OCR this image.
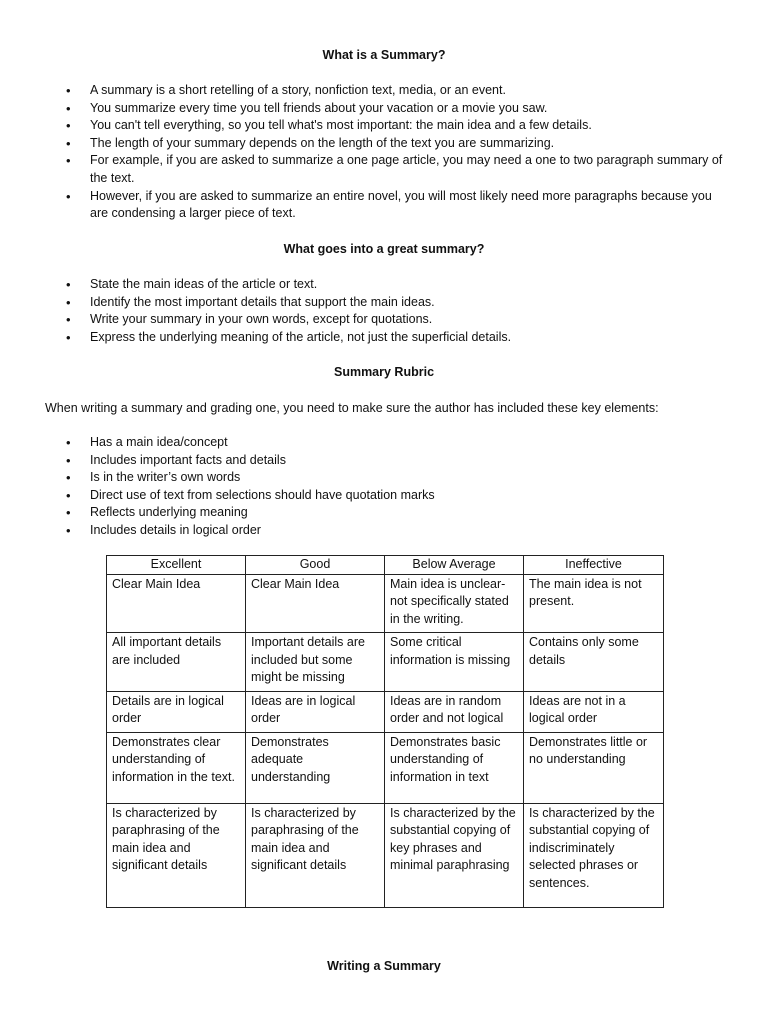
What is a Summary?
• A summary is a short retelling of a story, nonfiction text, media, or an event.
• You summarize every time you tell friends about your vacation or a movie you saw.
• You can't tell everything, so you tell what's most important: the main idea and a few details.
• The length of your summary depends on the length of the text you are summarizing.
• For example, if you are asked to summarize a one page article, you may need a one to two paragraph summary of the text.
• However, if you are asked to summarize an entire novel, you will most likely need more paragraphs because you are condensing a larger piece of text.
What goes into a great summary?
• State the main ideas of the article or text.
• Identify the most important details that support the main ideas.
• Write your summary in your own words, except for quotations.
• Express the underlying meaning of the article, not just the superficial details.
Summary Rubric
When writing a summary and grading one, you need to make sure the author has included these key elements:
• Has a main idea/concept
• Includes important facts and details
• Is in the writer’s own words
• Direct use of text from selections should have quotation marks
• Reflects underlying meaning
• Includes details in logical order
Excellent	Good	Below Average	Ineffective
Clear Main Idea	Clear Main Idea	Main idea is unclear-not specifically stated in the writing.	The main idea is not present.
All important details are included	Important details are included but some might be missing	Some critical information is missing	Contains only some details
Details are in logical order	Ideas are in logical order	Ideas are in random order and not logical	Ideas are not in a logical order
Demonstrates clear understanding of information in the text.	Demonstrates adequate understanding	Demonstrates basic understanding of information in text	Demonstrates little or no understanding
Is characterized by paraphrasing of the main idea and significant details	Is characterized by paraphrasing of the main idea and significant details	Is characterized by the substantial copying of key phrases and minimal paraphrasing	Is characterized by the substantial copying of indiscriminately selected phrases or sentences.
Writing a Summary
